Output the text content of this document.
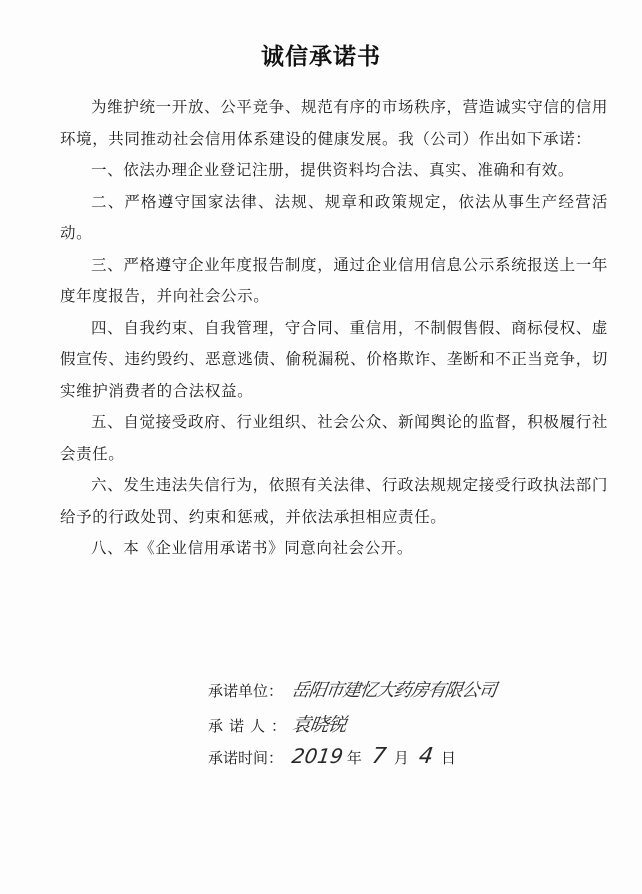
诚信承诺书

为维护统一开放、公平竞争、规范有序的市场秩序，营造诚实守信的信用环境，共同推动社会信用体系建设的健康发展。我（公司）作出如下承诺：

一、依法办理企业登记注册，提供资料均合法、真实、准确和有效。

二、严格遵守国家法律、法规、规章和政策规定，依法从事生产经营活动。

三、严格遵守企业年度报告制度，通过企业信用信息公示系统报送上一年度年度报告，并向社会公示。

四、自我约束、自我管理，守合同、重信用，不制假售假、商标侵权、虚假宣传、违约毁约、恶意逃债、偷税漏税、价格欺诈、垄断和不正当竞争，切实维护消费者的合法权益。

五、自觉接受政府、行业组织、社会公众、新闻舆论的监督，积极履行社会责任。

六、发生违法失信行为，依照有关法律、行政法规规定接受行政执法部门给予的行政处罚、约束和惩戒，并依法承担相应责任。

八、本《企业信用承诺书》同意向社会公开。

承诺单位： 岳阳市建忆大药房有限公司
承诺人：袁晓锐
承诺时间： 2019 年 7 月 4 日
